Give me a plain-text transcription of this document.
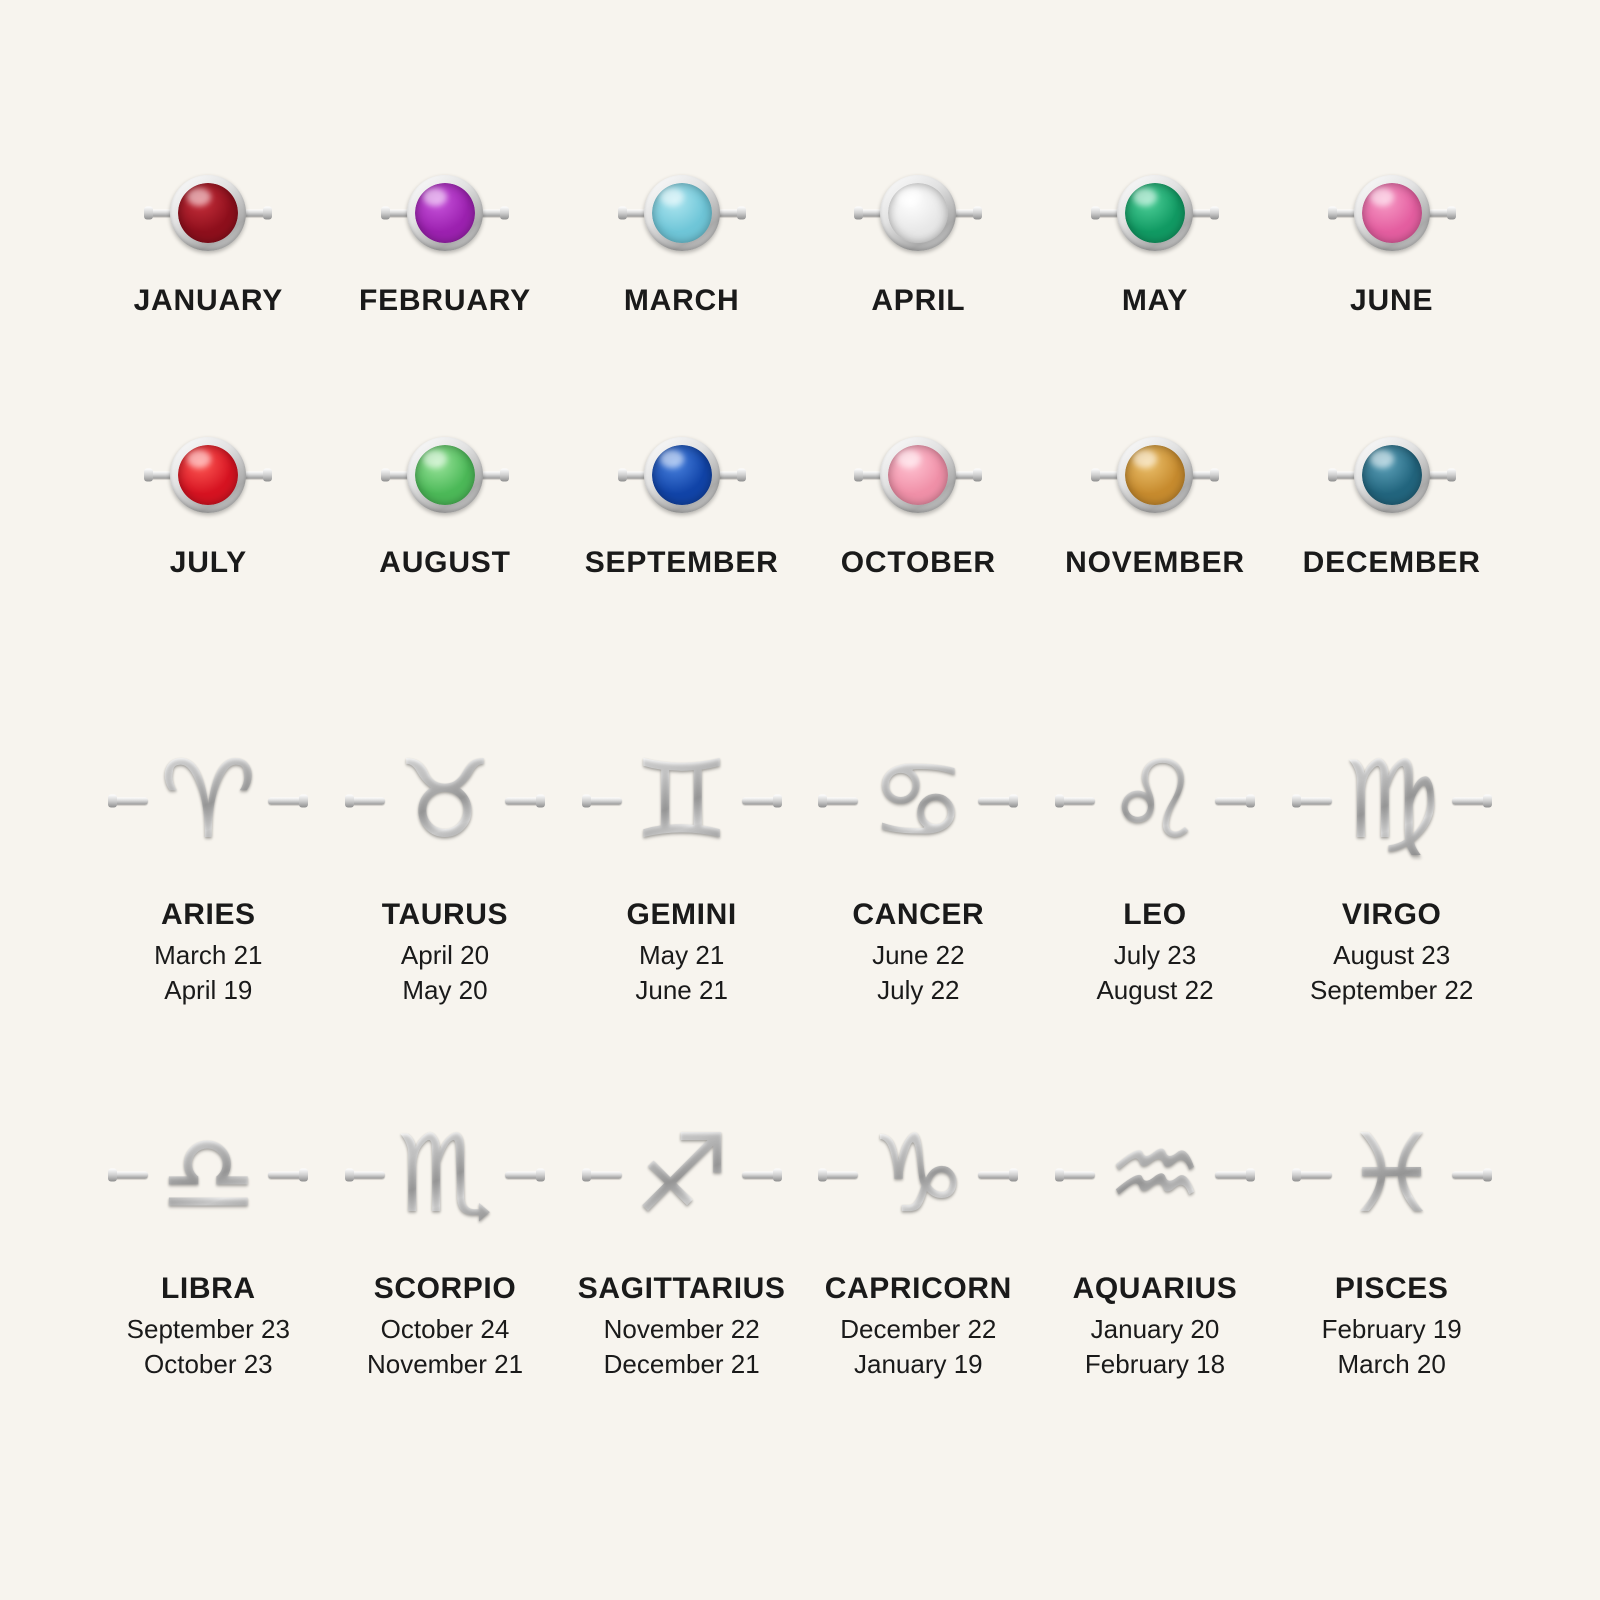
JANUARY	FEBRUARY	MARCH	APRIL	MAY	JUNE
JULY	AUGUST SEPTEMBER OCTOBER NOVEMBER DECEMBER
♈
ARIES
March 21
April 19
♉
TAURUS
April 20
May 20
♊
GEMINI
May 21
June 21
♋
CANCER
June 22
July 22
♌
LEO
July 23
August 22
♍
VIRGO
August 23
September 22
♎
LIBRA
September 23
October 23
♏
SCORPIO
October 24
November 21
♐
SAGITTARIUS
November 22
December 21
♑
CAPRICORN
December 22
January 19
♒
AQUARIUS
January 20
February 18
♓
PISCES
February 19
March 20
